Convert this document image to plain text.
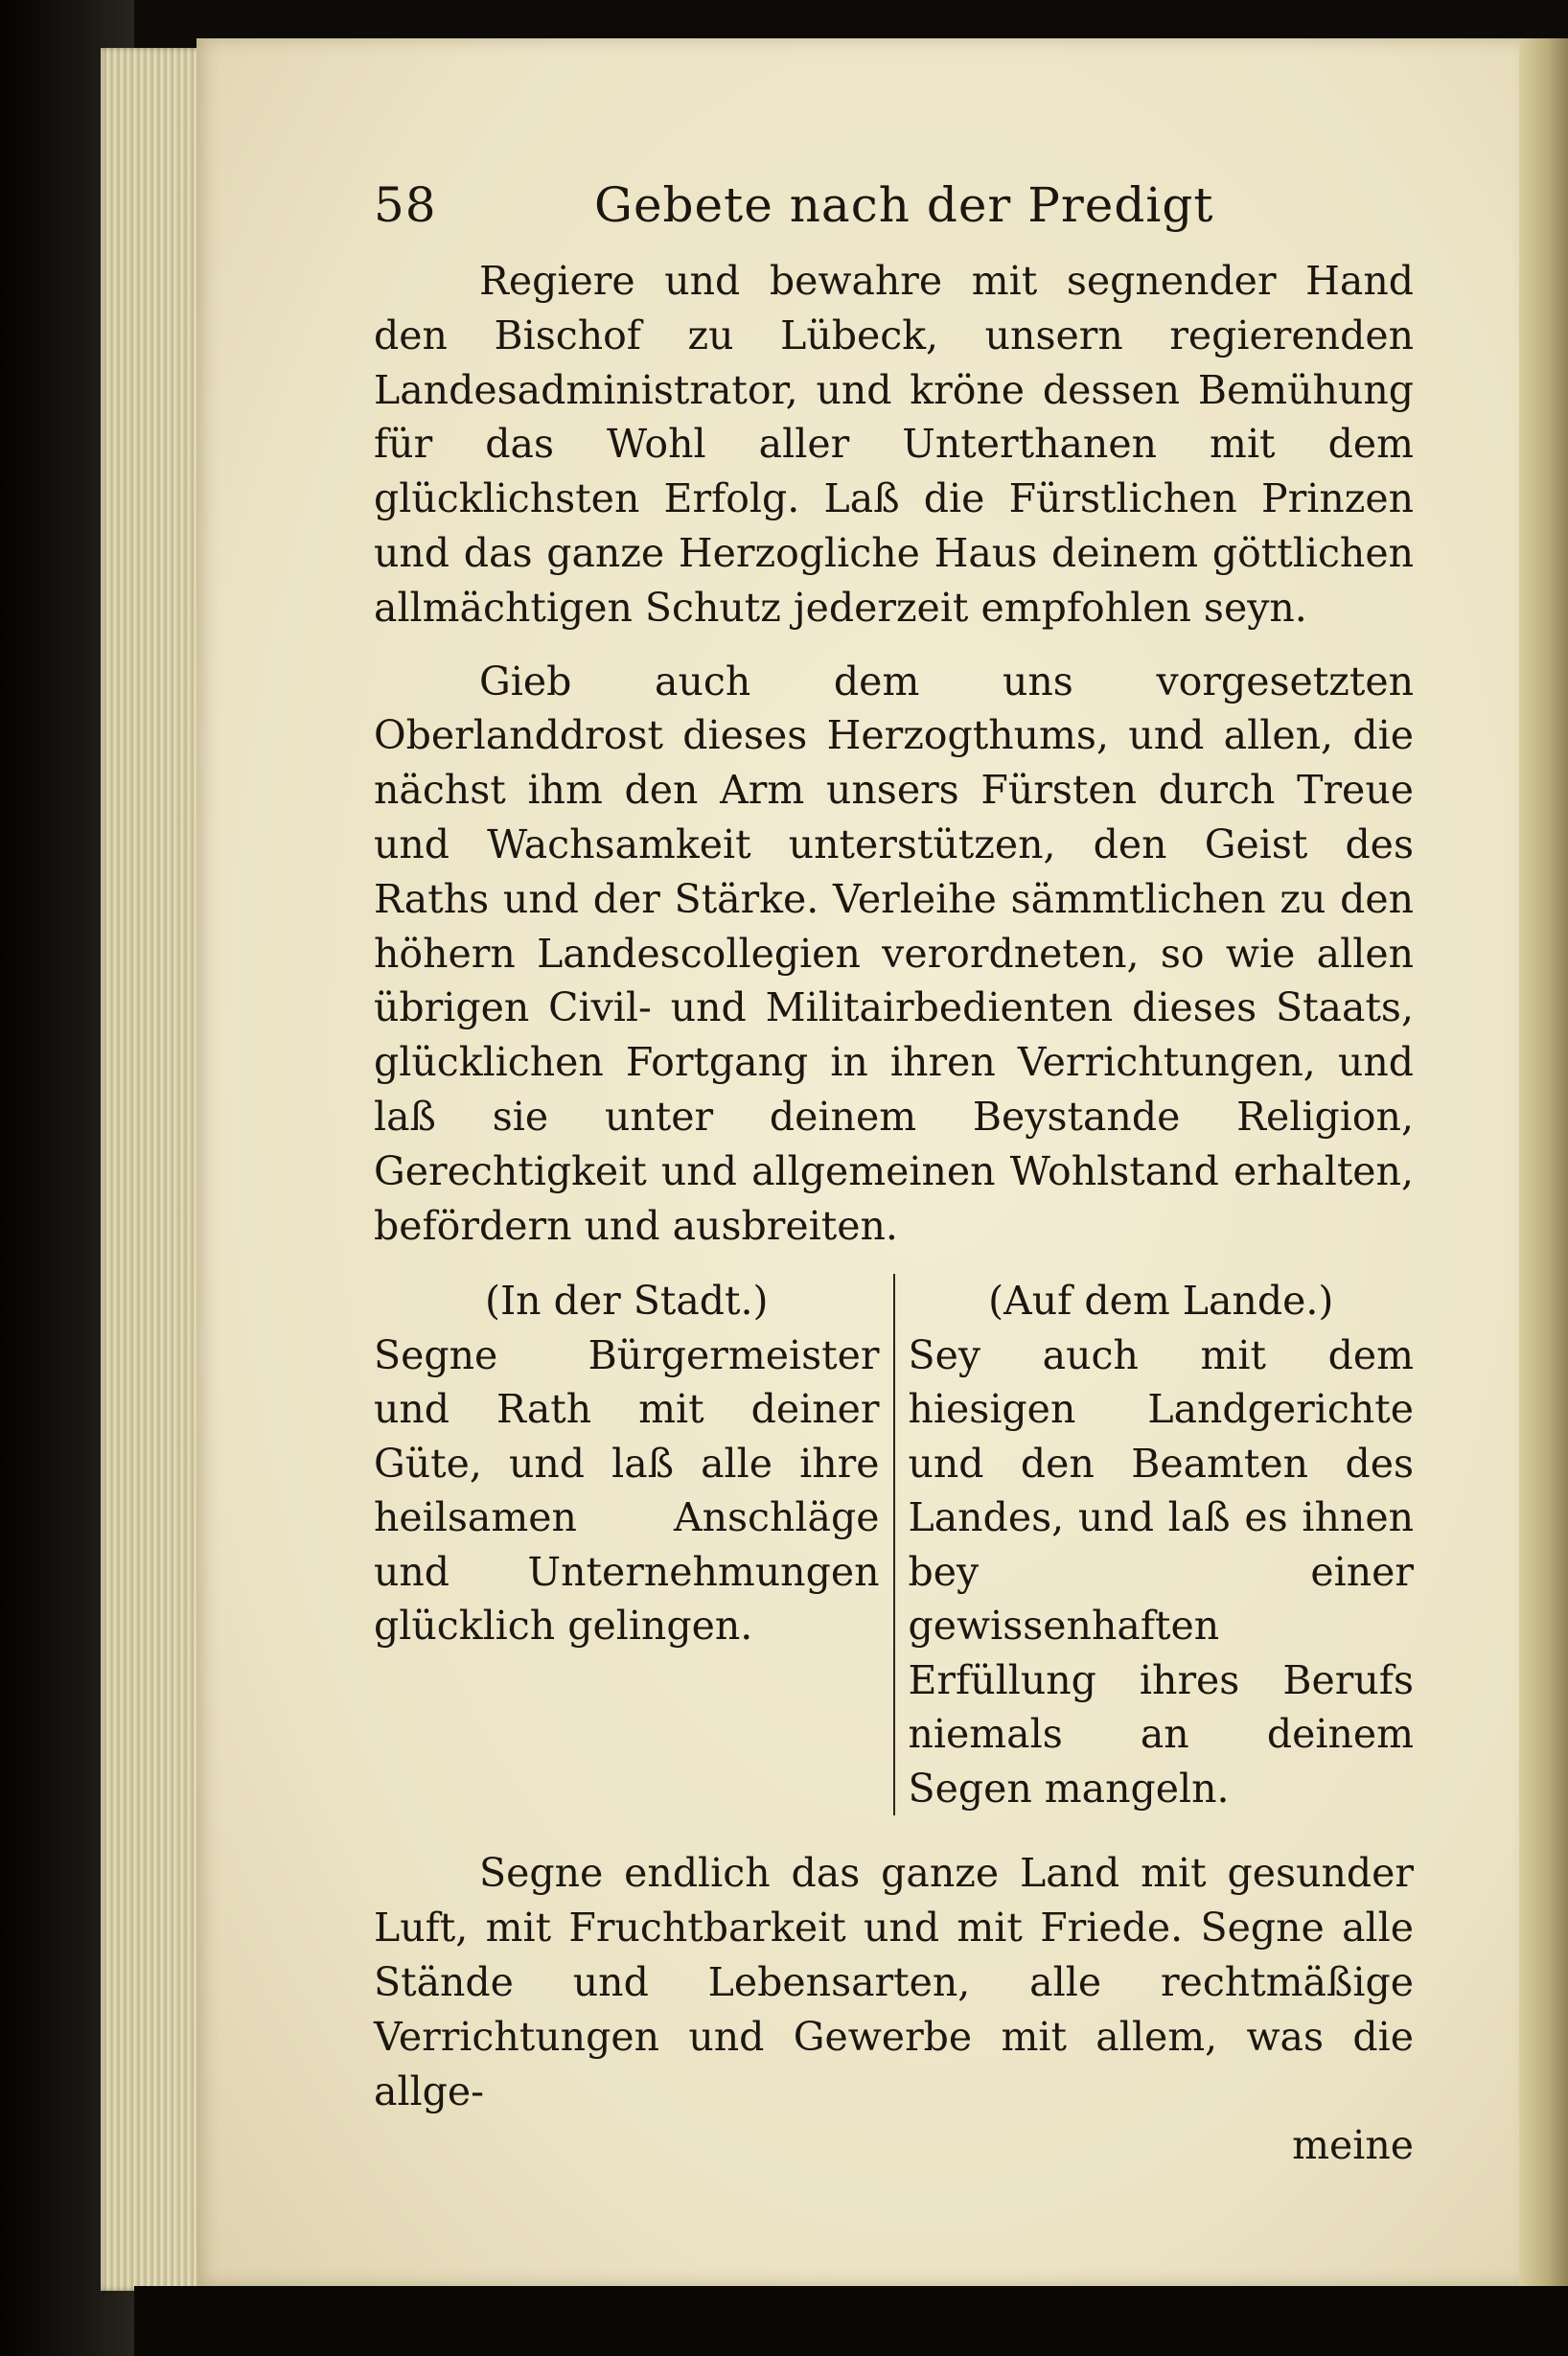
58	Gebete nach der Predigt

Regiere und bewahre mit segnender Hand den Bischof zu Lübeck, unsern regierenden Landesadministrator, und kröne dessen Bemühung für das Wohl aller Unterthanen mit dem glücklichsten Erfolg. Laß die Fürstlichen Prinzen und das ganze Herzogliche Haus deinem göttlichen allmächtigen Schutz jederzeit empfohlen seyn.

Gieb auch dem uns vorgesetzten Oberlanddrost dieses Herzogthums, und allen, die nächst ihm den Arm unsers Fürsten durch Treue und Wachsamkeit unterstützen, den Geist des Raths und der Stärke. Verleihe sämmtlichen zu den höhern Landescollegien verordneten, so wie allen übrigen Civil- und Militairbedienten dieses Staats, glücklichen Fortgang in ihren Verrichtungen, und laß sie unter deinem Beystande Religion, Gerechtigkeit und allgemeinen Wohlstand erhalten, befördern und ausbreiten.

(In der Stadt.)
Segne Bürgermeister und Rath mit deiner Güte, und laß alle ihre heilsamen Anschläge und Unternehmungen glücklich gelingen.
(Auf dem Lande.)
Sey auch mit dem hiesigen Landgerichte und den Beamten des Landes, und laß es ihnen bey einer gewissenhaften Erfüllung ihres Berufs niemals an deinem Segen mangeln.

Segne endlich das ganze Land mit gesunder Luft, mit Fruchtbarkeit und mit Friede. Segne alle Stände und Lebensarten, alle rechtmäßige Verrichtungen und Gewerbe mit allem, was die allge-

meine
